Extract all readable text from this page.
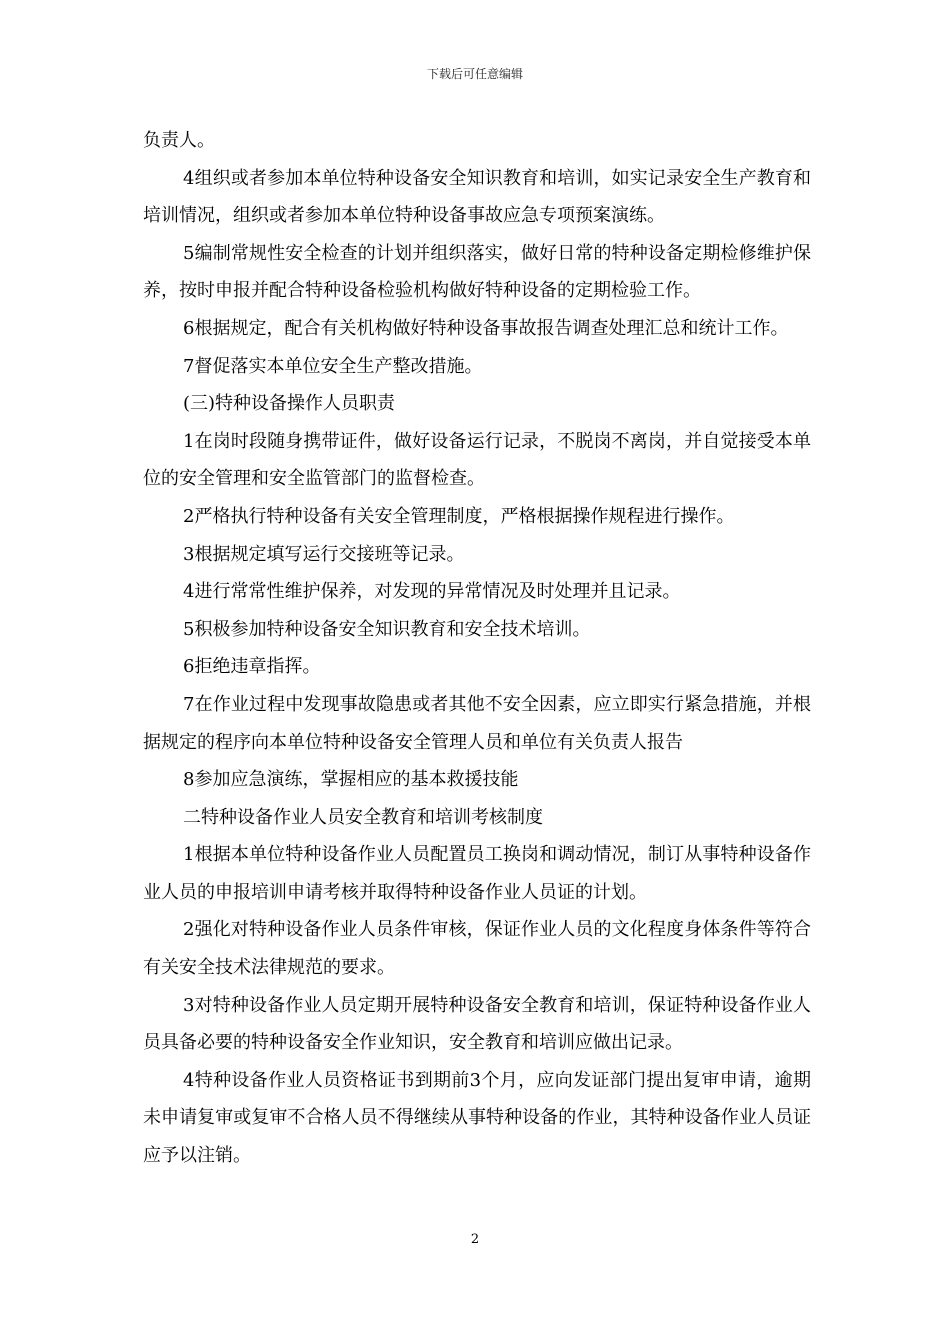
下载后可任意编辑

负责人。

4组织或者参加本单位特种设备安全知识教育和培训，如实记录安全生产教育和培训情况，组织或者参加本单位特种设备事故应急专项预案演练。

5编制常规性安全检查的计划并组织落实，做好日常的特种设备定期检修维护保养，按时申报并配合特种设备检验机构做好特种设备的定期检验工作。

6根据规定，配合有关机构做好特种设备事故报告调查处理汇总和统计工作。

7督促落实本单位安全生产整改措施。

(三)特种设备操作人员职责

1在岗时段随身携带证件，做好设备运行记录，不脱岗不离岗，并自觉接受本单位的安全管理和安全监管部门的监督检查。

2严格执行特种设备有关安全管理制度，严格根据操作规程进行操作。

3根据规定填写运行交接班等记录。

4进行常常性维护保养，对发现的异常情况及时处理并且记录。

5积极参加特种设备安全知识教育和安全技术培训。

6拒绝违章指挥。

7在作业过程中发现事故隐患或者其他不安全因素，应立即实行紧急措施，并根据规定的程序向本单位特种设备安全管理人员和单位有关负责人报告

8参加应急演练，掌握相应的基本救援技能

二特种设备作业人员安全教育和培训考核制度

1根据本单位特种设备作业人员配置员工换岗和调动情况，制订从事特种设备作业人员的申报培训申请考核并取得特种设备作业人员证的计划。

2强化对特种设备作业人员条件审核，保证作业人员的文化程度身体条件等符合有关安全技术法律规范的要求。

3对特种设备作业人员定期开展特种设备安全教育和培训，保证特种设备作业人员具备必要的特种设备安全作业知识，安全教育和培训应做出记录。

4特种设备作业人员资格证书到期前3个月，应向发证部门提出复审申请，逾期未申请复审或复审不合格人员不得继续从事特种设备的作业，其特种设备作业人员证应予以注销。

2
